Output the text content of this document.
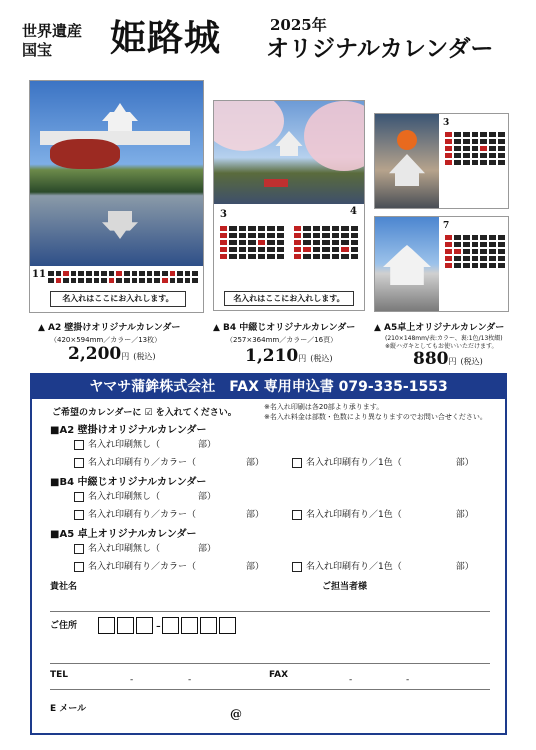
世界遺産
国宝	姫路城	2025年
オリジナルカレンダー
11
名入れはここにお入れします。
▲ A2 壁掛けオリジナルカレンダー
（420×594mm／カラー／13枚）
2,200円 (税込)
3	4
名入れはここにお入れします。
▲ B4 中綴じオリジナルカレンダー
（257×364mm／カラー／16頁）
1,210円 (税込)
3
7
▲ A5卓上オリジナルカレンダー
(210×148mm/表:カラー、裏:1色/13枚綴)
※縦ハガキとしてもお使いいただけます。
880円 (税込)
ヤマサ蒲鉾株式会社　FAX 専用申込書 079-335-1553
ご希望のカレンダーに ☑ を入れてください。
※名入れ印刷は各20部より承ります。
※名入れ料金は部数・色数により異なりますのでお問い合せください。
■A2 壁掛けオリジナルカレンダー
名入れ印刷無し（	部）
名入れ印刷有り／カラー（	部）	名入れ印刷有り／1色（	部）
■B4 中綴じオリジナルカレンダー
名入れ印刷無し（	部）
名入れ印刷有り／カラー（	部）	名入れ印刷有り／1色（	部）
■A5 卓上オリジナルカレンダー
名入れ印刷無し（	部）
名入れ印刷有り／カラー（	部）	名入れ印刷有り／1色（	部）
貴社名	ご担当者様
ご住所	-
TEL	-	-	FAX	-	-
E メール	@
